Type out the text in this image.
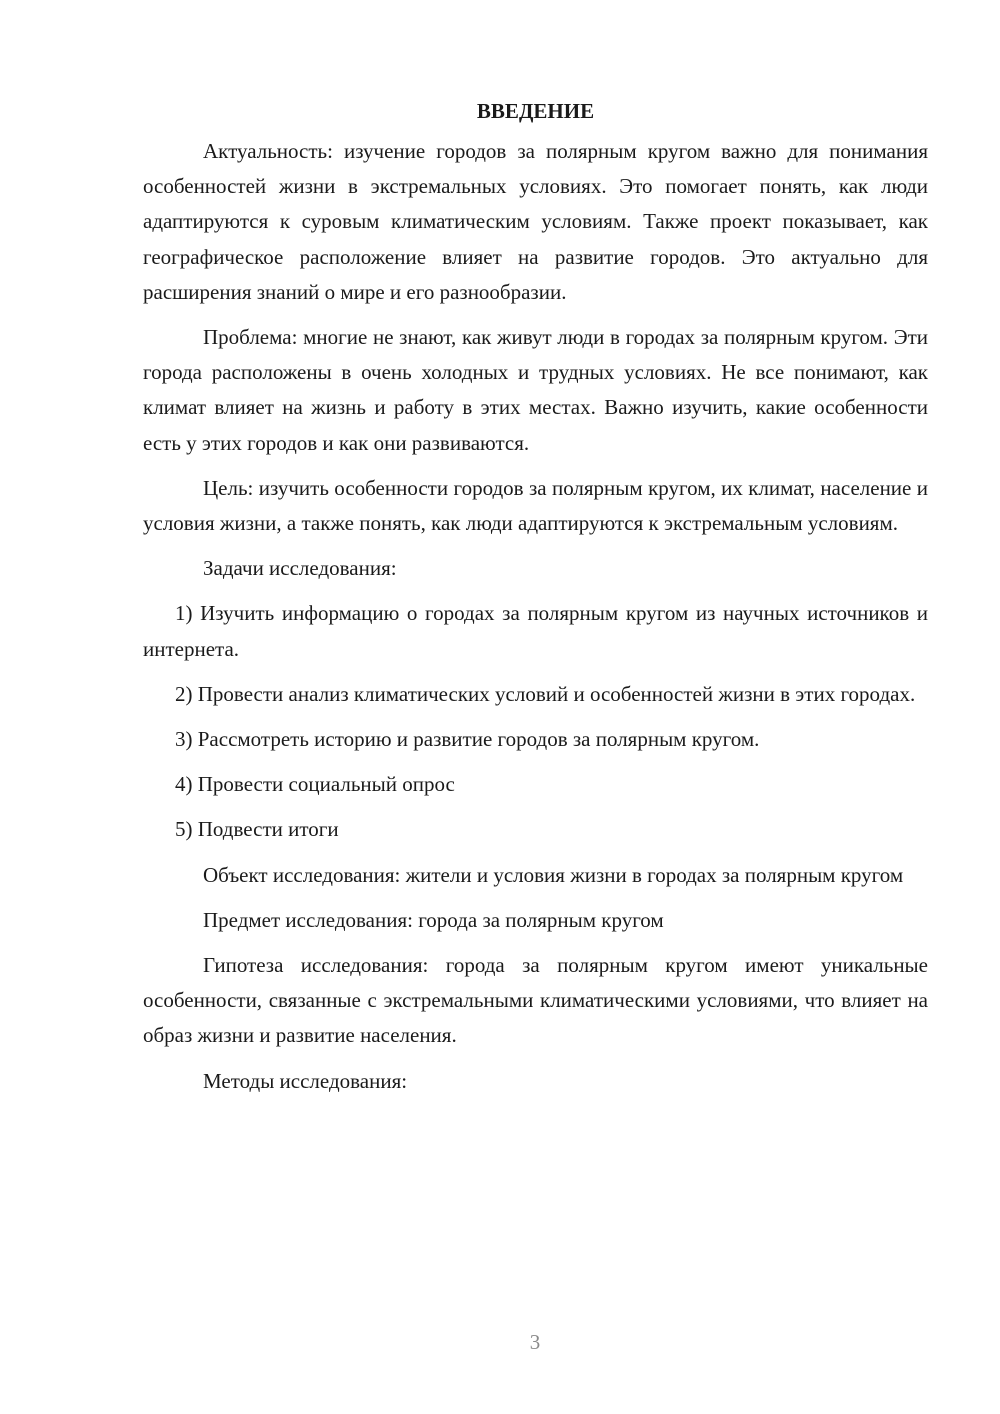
ВВЕДЕНИЕ

Актуальность: изучение городов за полярным кругом важно для понимания особенностей жизни в экстремальных условиях. Это помогает понять, как люди адаптируются к суровым климатическим условиям. Также проект показывает, как географическое расположение влияет на развитие городов. Это актуально для расширения знаний о мире и его разнообразии.

Проблема: многие не знают, как живут люди в городах за полярным кругом. Эти города расположены в очень холодных и трудных условиях. Не все понимают, как климат влияет на жизнь и работу в этих местах. Важно изучить, какие особенности есть у этих городов и как они развиваются.

Цель: изучить особенности городов за полярным кругом, их климат, население и условия жизни, а также понять, как люди адаптируются к экстремальным условиям.

Задачи исследования:

1) Изучить информацию о городах за полярным кругом из научных источников и интернета.

2) Провести анализ климатических условий и особенностей жизни в этих городах.

3) Рассмотреть историю и развитие городов за полярным кругом.

4) Провести социальный опрос

5) Подвести итоги

Объект исследования: жители и условия жизни в городах за полярным кругом

Предмет исследования: города за полярным кругом

Гипотеза исследования: города за полярным кругом имеют уникальные особенности, связанные с экстремальными климатическими условиями, что влияет на образ жизни и развитие населения.

Методы исследования:

3
